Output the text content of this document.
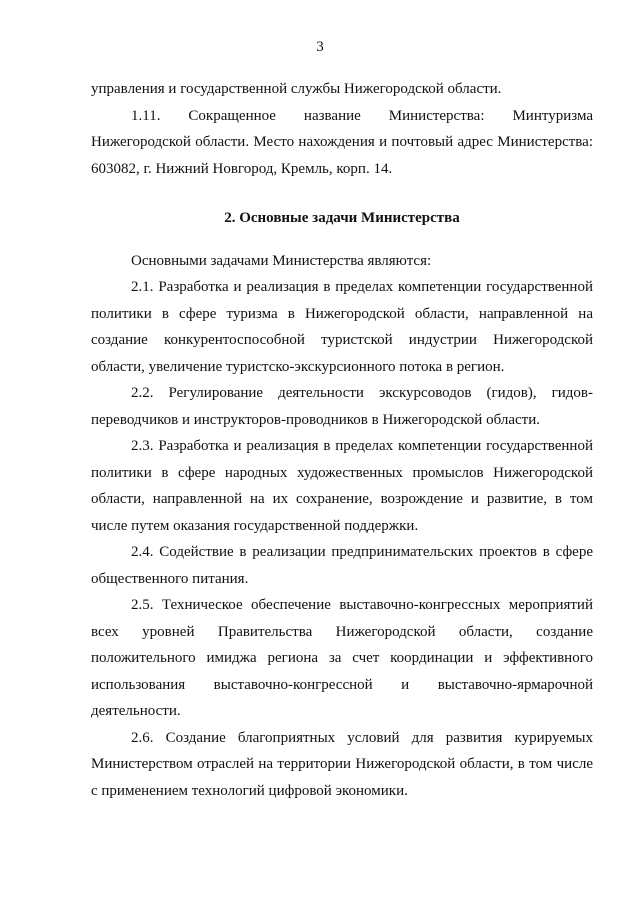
3

управления и государственной службы Нижегородской области.

1.11. Сокращенное название Министерства: Минтуризма Нижегородской области. Место нахождения и почтовый адрес Министерства: 603082, г. Нижний Новгород, Кремль, корп. 14.

2. Основные задачи Министерства

Основными задачами Министерства являются:

2.1. Разработка и реализация в пределах компетенции государственной политики в сфере туризма в Нижегородской области, направленной на создание конкурентоспособной туристской индустрии Нижегородской области, увеличение туристско-экскурсионного потока в регион.

2.2. Регулирование деятельности экскурсоводов (гидов), гидов-переводчиков и инструкторов-проводников в Нижегородской области.

2.3. Разработка и реализация в пределах компетенции государственной политики в сфере народных художественных промыслов Нижегородской области, направленной на их сохранение, возрождение и развитие, в том числе путем оказания государственной поддержки.

2.4. Содействие в реализации предпринимательских проектов в сфере общественного питания.

2.5. Техническое обеспечение выставочно-конгрессных мероприятий всех уровней Правительства Нижегородской области, создание положительного имиджа региона за счет координации и эффективного использования выставочно-конгрессной и выставочно-ярмарочной деятельности.

2.6. Создание благоприятных условий для развития курируемых Министерством отраслей на территории Нижегородской области, в том числе с применением технологий цифровой экономики.
